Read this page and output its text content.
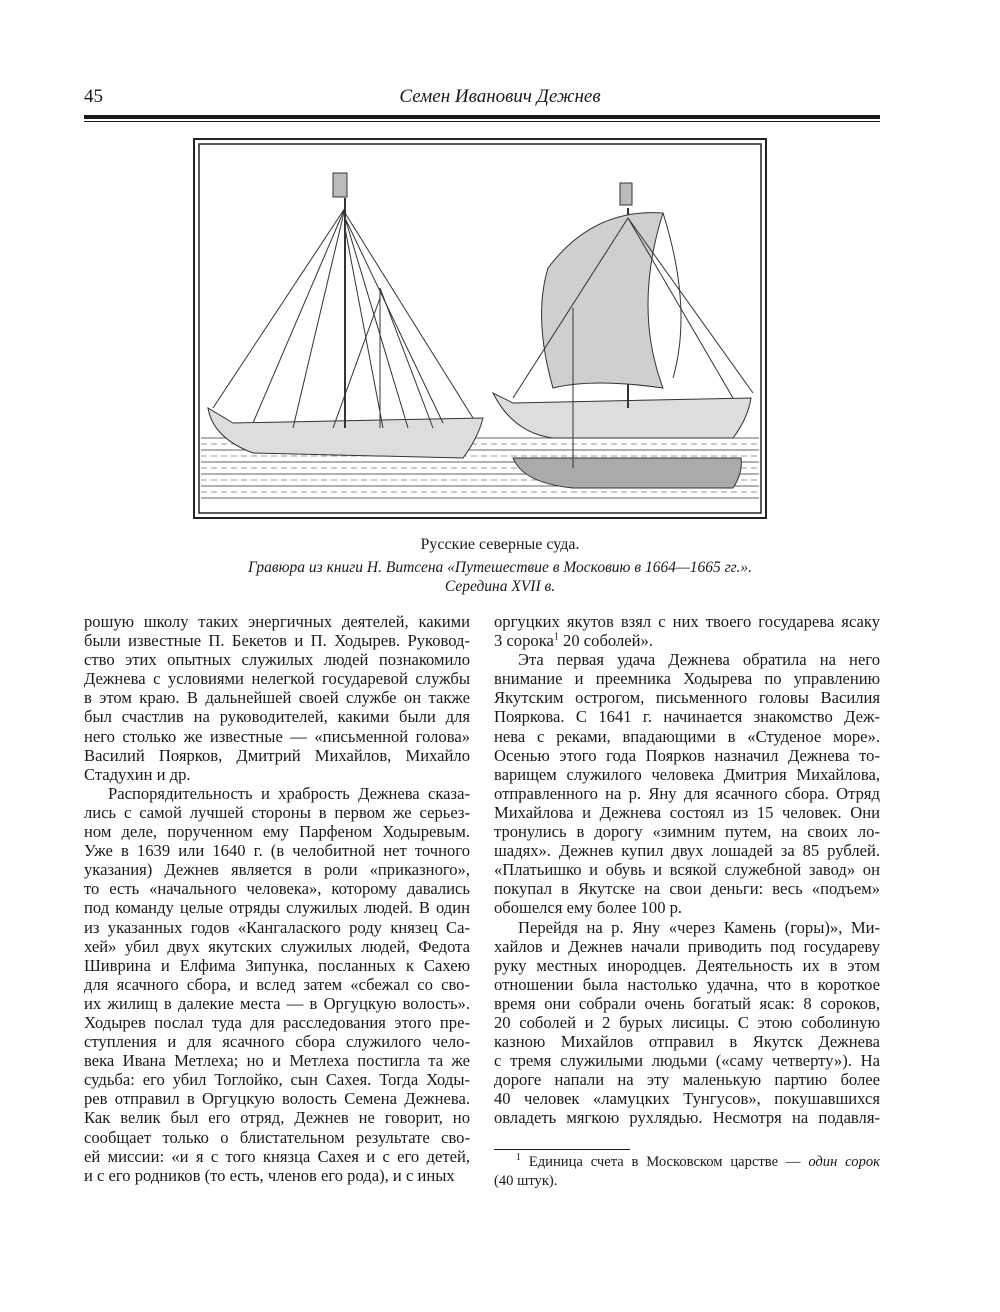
45	Семен Иванович Дежнев
Русские северные суда.
Гравюра из книги Н. Витсена «Путешествие в Московию в 1664—1665 гг.».
Середина XVII в.
рошую школу таких энергичных деятелей, какими
были известные П. Бекетов и П. Ходырев. Руковод-
ство этих опытных служилых людей познакомило
Дежнева с условиями нелегкой государевой службы
в этом краю. В дальнейшей своей службе он также
был счастлив на руководителей, какими были для
него столько же известные — «письменной голова»
Василий Поярков, Дмитрий Михайлов, Михайло
Стадухин и др.
Распорядительность и храбрость Дежнева сказа-
лись с самой лучшей стороны в первом же серьез-
ном деле, порученном ему Парфеном Ходыревым.
Уже в 1639 или 1640 г. (в челобитной нет точного
указания) Дежнев является в роли «приказного»,
то есть «начального человека», которому давались
под команду целые отряды служилых людей. В один
из указанных годов «Кангалаского роду князец Са-
хей» убил двух якутских служилых людей, Федота
Шиврина и Елфима Зипунка, посланных к Сахею
для ясачного сбора, и вслед затем «сбежал со сво-
их жилищ в далекие места — в Оргуцкую волость».
Ходырев послал туда для расследования этого пре-
ступления и для ясачного сбора служилого чело-
века Ивана Метлеха; но и Метлеха постигла та же
судьба: его убил Тоглойко, сын Сахея. Тогда Ходы-
рев отправил в Оргуцкую волость Семена Дежнева.
Как велик был его отряд, Дежнев не говорит, но
сообщает только о блистательном результате сво-
ей миссии: «и я с того князца Сахея и с его детей,
и с его родников (то есть, членов его рода), и с иных
оргуцких якутов взял с них твоего государева ясаку
3 сорока$^1$ 20 соболей».
Эта первая удача Дежнева обратила на него
внимание и преемника Ходырева по управлению
Якутским острогом, письменного головы Василия
Пояркова. С 1641 г. начинается знакомство Деж-
нева с реками, впадающими в «Студеное море».
Осенью этого года Поярков назначил Дежнева то-
варищем служилого человека Дмитрия Михайлова,
отправленного на р. Яну для ясачного сбора. Отряд
Михайлова и Дежнева состоял из 15 человек. Они
тронулись в дорогу «зимним путем, на своих ло-
шадях». Дежнев купил двух лошадей за 85 рублей.
«Платьишко и обувь и всякой служебной завод» он
покупал в Якутске на свои деньги: весь «подъем»
обошелся ему более 100 р.
Перейдя на р. Яну «через Камень (горы)», Ми-
хайлов и Дежнев начали приводить под государеву
руку местных инородцев. Деятельность их в этом
отношении была настолько удачна, что в короткое
время они собрали очень богатый ясак: 8 сороков,
20 соболей и 2 бурых лисицы. С этою соболиную
казною Михайлов отправил в Якутск Дежнева
с тремя служилыми людьми («саму четверту»). На
дороге напали на эту маленькую партию более
40 человек «ламуцких Тунгусов», покушавшихся
овладеть мягкою рухлядью. Несмотря на подавля-
$^1$ Единица счета в Московском царстве — один сорок
(40 штук).
